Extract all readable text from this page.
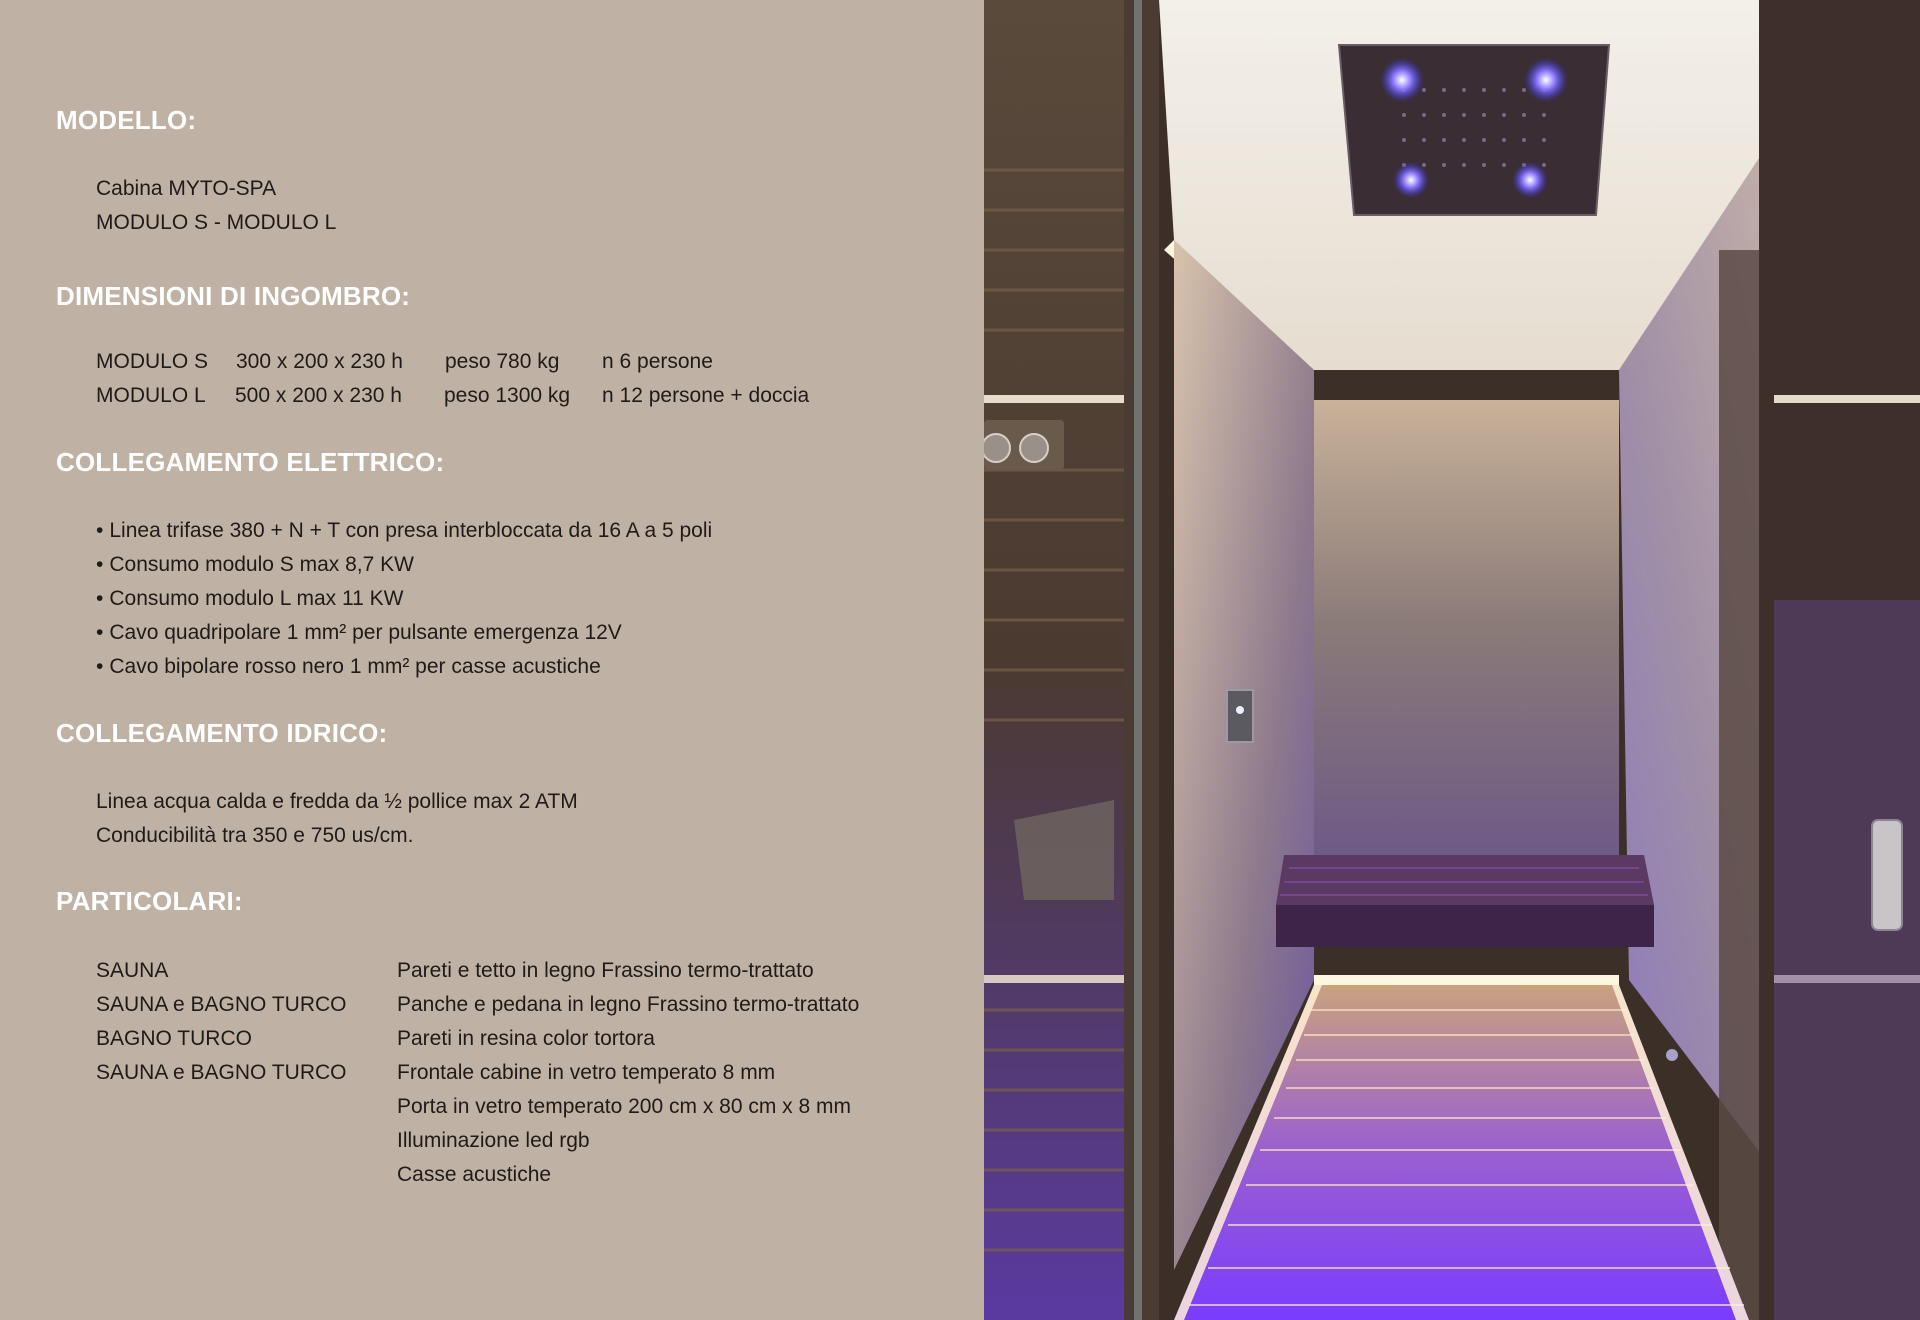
MODELLO:
Cabina MYTO-SPA
MODULO S - MODULO L
DIMENSIONI DI INGOMBRO:
MODULO S 300 x 200 x 230 h peso 780 kg n 6 persone
MODULO L 500 x 200 x 230 h peso 1300 kg n 12 persone + doccia
COLLEGAMENTO ELETTRICO:
• Linea trifase 380 + N + T con presa interbloccata da 16 A a 5 poli
• Consumo modulo S max 8,7 KW
• Consumo modulo L max 11 KW
• Cavo quadripolare 1 mm² per pulsante emergenza 12V
• Cavo bipolare rosso nero 1 mm² per casse acustiche
COLLEGAMENTO IDRICO:
Linea acqua calda e fredda da ½ pollice max 2 ATM
Conducibilità tra 350 e 750 us/cm.
PARTICOLARI:
SAUNA
SAUNA e BAGNO TURCO
BAGNO TURCO
SAUNA e BAGNO TURCO
Pareti e tetto in legno Frassino termo-trattato
Panche e pedana in legno Frassino termo-trattato
Pareti in resina color tortora
Frontale cabine in vetro temperato 8 mm
Porta in vetro temperato 200 cm x 80 cm x 8 mm
Illuminazione led rgb
Casse acustiche
